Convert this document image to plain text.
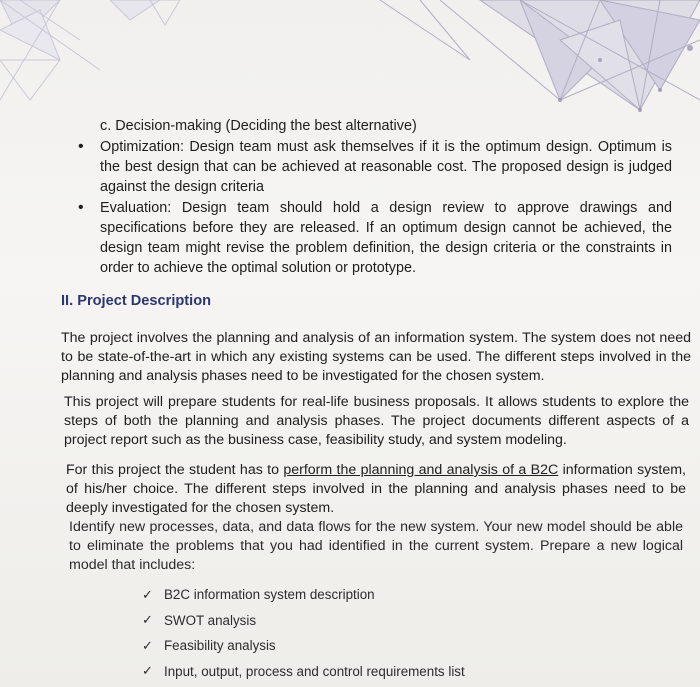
c. Decision-making (Deciding the best alternative)
•	Optimization: Design team must ask themselves if it is the optimum design. Optimum is the best design that can be achieved at reasonable cost. The proposed design is judged against the design criteria
•	Evaluation: Design team should hold a design review to approve drawings and specifications before they are released. If an optimum design cannot be achieved, the design team might revise the problem definition, the design criteria or the constraints in order to achieve the optimal solution or prototype.
II. Project Description
The project involves the planning and analysis of an information system. The system does not need to be state-of-the-art in which any existing systems can be used. The different steps involved in the planning and analysis phases need to be investigated for the chosen system.
This project will prepare students for real-life business proposals. It allows students to explore the steps of both the planning and analysis phases. The project documents different aspects of a project report such as the business case, feasibility study, and system modeling.
For this project the student has to perform the planning and analysis of a B2C information system, of his/her choice. The different steps involved in the planning and analysis phases need to be deeply investigated for the chosen system.
Identify new processes, data, and data flows for the new system. Your new model should be able to eliminate the problems that you had identified in the current system. Prepare a new logical model that includes:
✓ B2C information system description
✓ SWOT analysis
✓ Feasibility analysis
✓ Input, output, process and control requirements list
